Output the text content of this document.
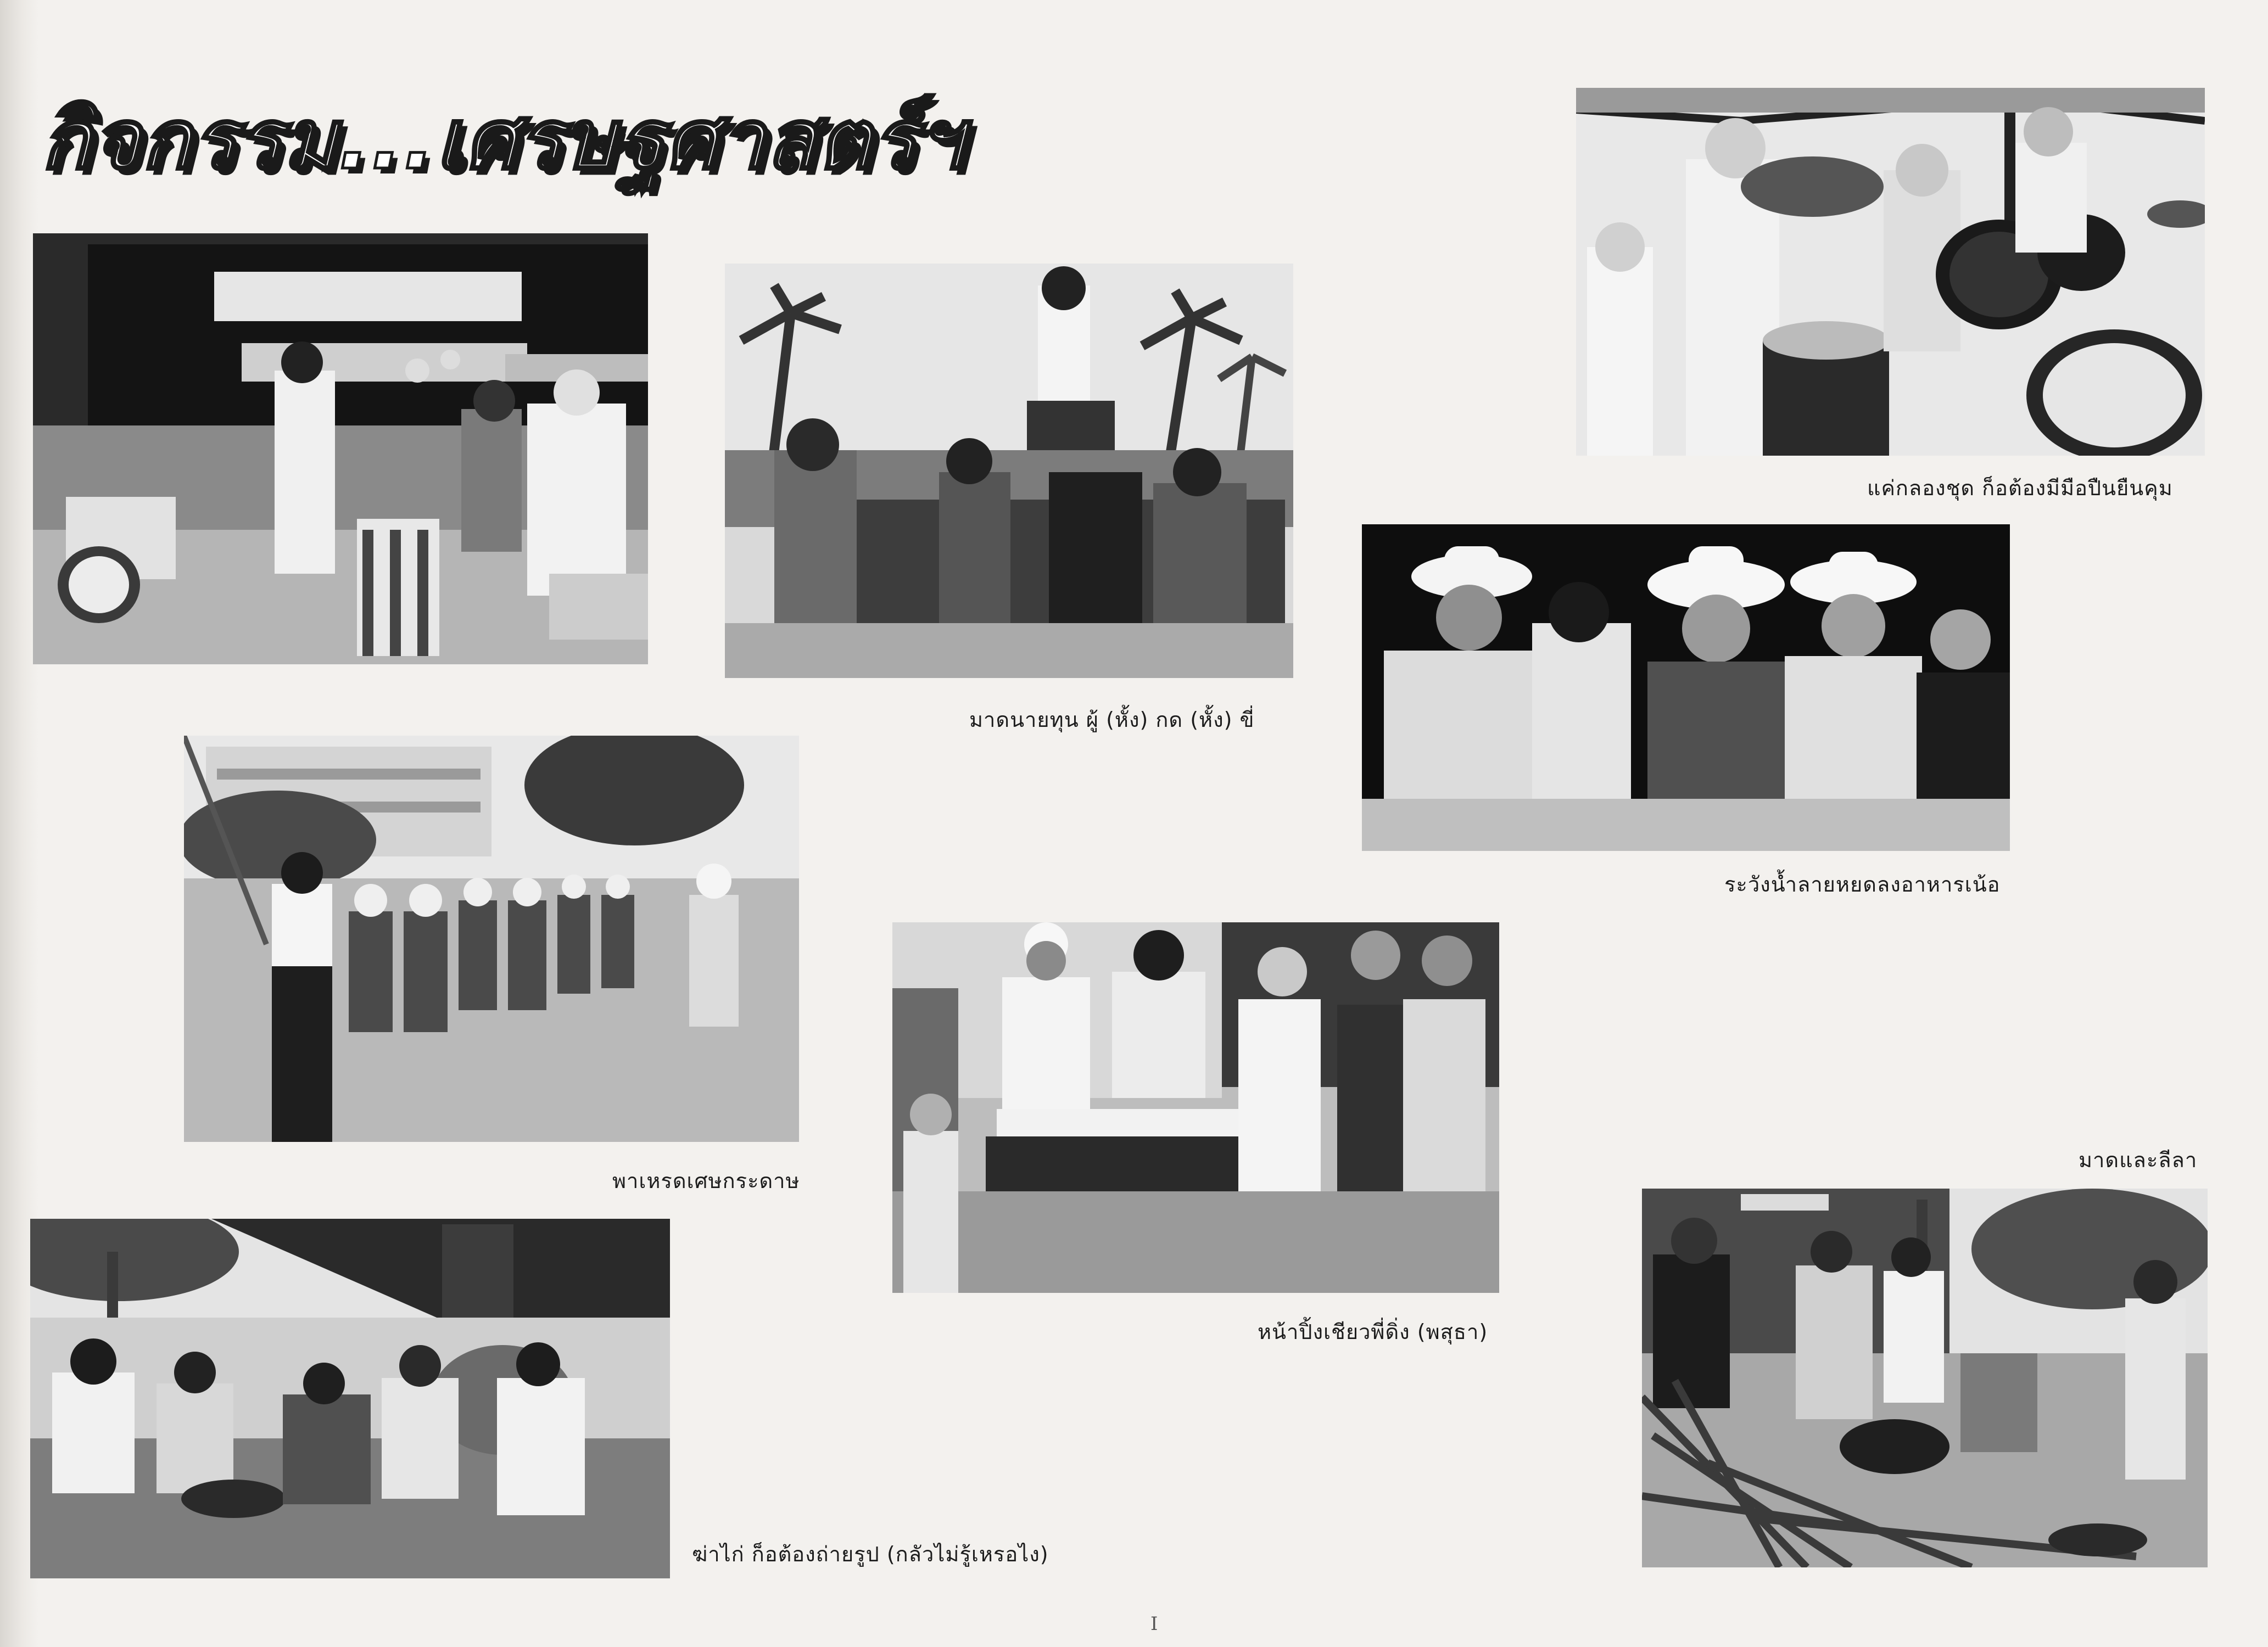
กิจกรรม...เศรษฐศาสตร์ฯ
แค่กลองชุด ก็อต้องมีมือปืนยืนคุม
มาดนายทุน ผู้ (หั้ง) กด (หั้ง) ขี่
ระวังน้ำลายหยดลงอาหารเน้อ
พาเหรดเศษกระดาษ
หน้าปิ้งเชียวพี่ดิ่ง (พสุธา)
มาดและลีลา
ฆ่าไก่ ก็อต้องถ่ายรูป (กลัวไม่รู้เหรอไง)
I
